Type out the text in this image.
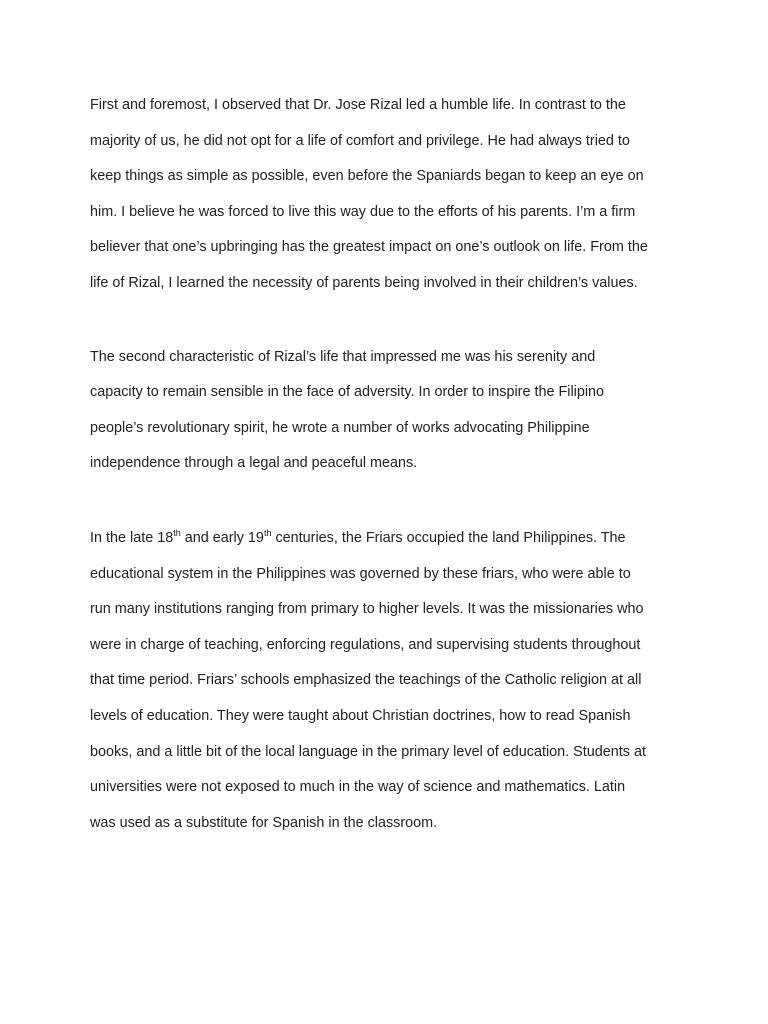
First and foremost, I observed that Dr. Jose Rizal led a humble life. In contrast to the
majority of us, he did not opt for a life of comfort and privilege. He had always tried to
keep things as simple as possible, even before the Spaniards began to keep an eye on
him. I believe he was forced to live this way due to the efforts of his parents. I’m a firm
believer that one’s upbringing has the greatest impact on one’s outlook on life. From the
life of Rizal, I learned the necessity of parents being involved in their children’s values.
The second characteristic of Rizal’s life that impressed me was his serenity and
capacity to remain sensible in the face of adversity. In order to inspire the Filipino
people’s revolutionary spirit, he wrote a number of works advocating Philippine
independence through a legal and peaceful means.
In the late 18th and early 19th centuries, the Friars occupied the land Philippines. The
educational system in the Philippines was governed by these friars, who were able to
run many institutions ranging from primary to higher levels. It was the missionaries who
were in charge of teaching, enforcing regulations, and supervising students throughout
that time period. Friars’ schools emphasized the teachings of the Catholic religion at all
levels of education. They were taught about Christian doctrines, how to read Spanish
books, and a little bit of the local language in the primary level of education. Students at
universities were not exposed to much in the way of science and mathematics. Latin
was used as a substitute for Spanish in the classroom.
